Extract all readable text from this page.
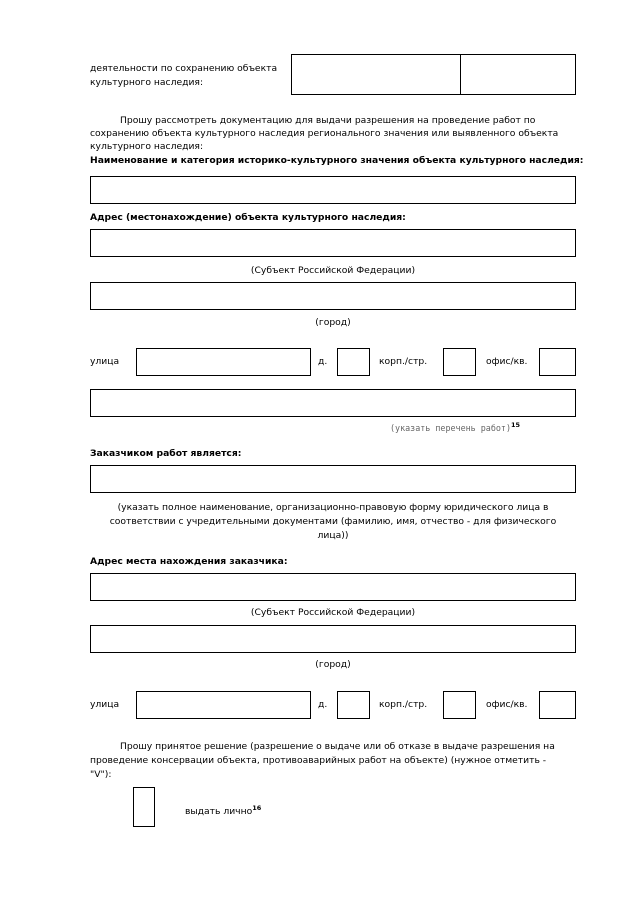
деятельности по сохранению объекта
культурного наследия:
Прошу рассмотреть документацию для выдачи разрешения на проведение работ по
сохранению объекта культурного наследия регионального значения или выявленного объекта
культурного наследия:
Наименование и категория историко-культурного значения объекта культурного наследия:
Адрес (местонахождение) объекта культурного наследия:
(Субъект Российской Федерации)
(город)
улица	д.	корп./стр.	офис/кв.
(указать перечень работ)$^{15}$
Заказчиком работ является:
(указать полное наименование, организационно-правовую форму юридического лица в
соответствии с учредительными документами (фамилию, имя, отчество - для физического
лица))
Адрес места нахождения заказчика:
(Субъект Российской Федерации)
(город)
улица	д.	корп./стр.	офис/кв.
Прошу принятое решение (разрешение о выдаче или об отказе в выдаче разрешения на
проведение консервации объекта, противоаварийных работ на объекте) (нужное отметить -
"V"):
выдать лично$^{16}$
